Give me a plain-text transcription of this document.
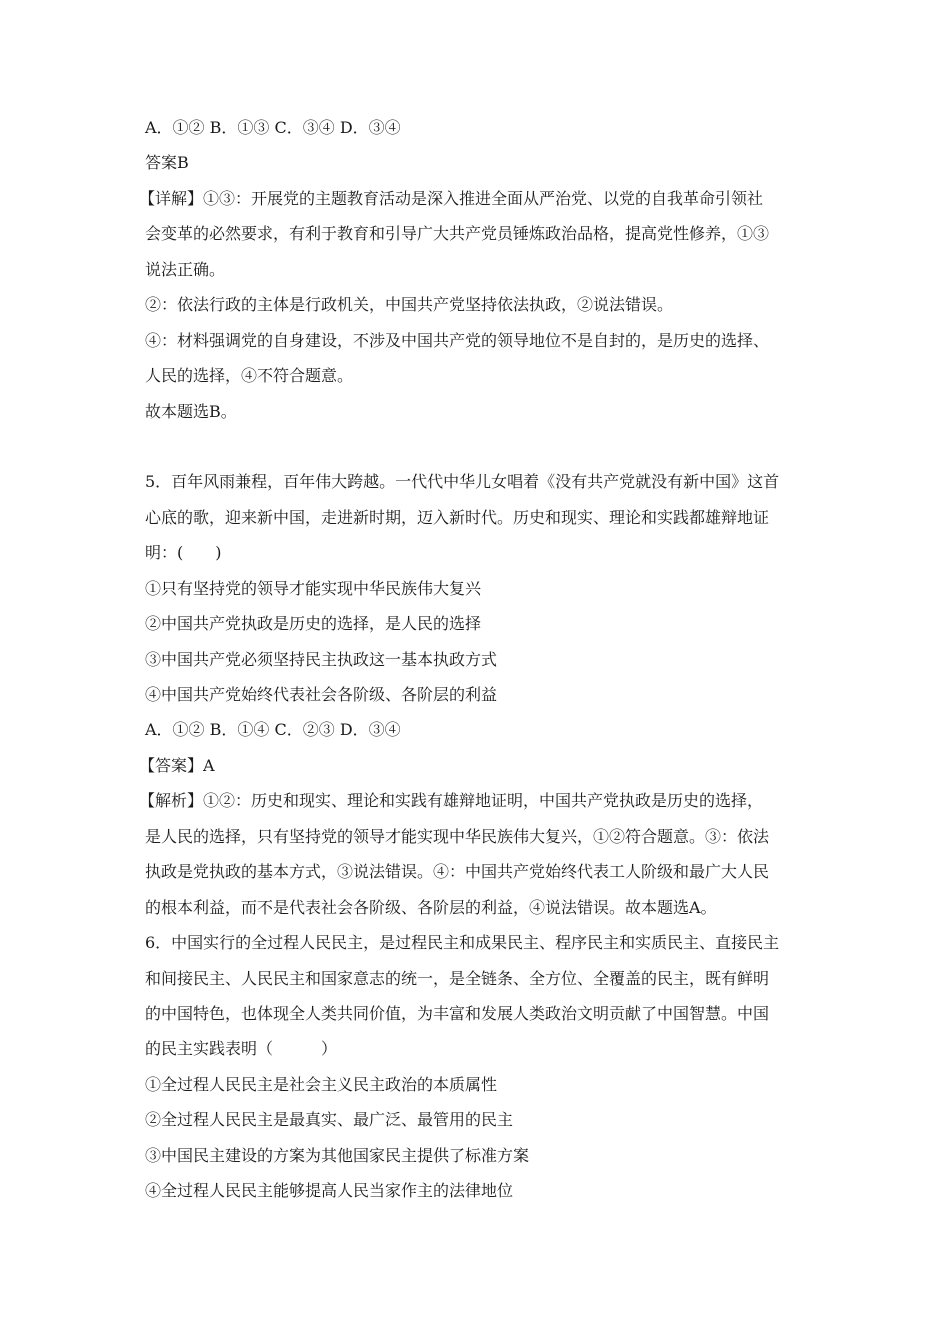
A．①② B．①③ C．③④ D．③④
答案B
【详解】①③：开展党的主题教育活动是深入推进全面从严治党、以党的自我革命引领社
会变革的必然要求，有利于教育和引导广大共产党员锤炼政治品格，提高党性修养，①③
说法正确。
②：依法行政的主体是行政机关，中国共产党坚持依法执政，②说法错误。
④：材料强调党的自身建设，不涉及中国共产党的领导地位不是自封的，是历史的选择、
人民的选择，④不符合题意。
故本题选B。
5．百年风雨兼程，百年伟大跨越。一代代中华儿女唱着《没有共产党就没有新中国》这首
心底的歌，迎来新中国，走进新时期，迈入新时代。历史和现实、理论和实践都雄辩地证
明：(　　)
①只有坚持党的领导才能实现中华民族伟大复兴
②中国共产党执政是历史的选择，是人民的选择
③中国共产党必须坚持民主执政这一基本执政方式
④中国共产党始终代表社会各阶级、各阶层的利益
A．①② B．①④ C．②③ D．③④
【答案】A
【解析】①②：历史和现实、理论和实践有雄辩地证明，中国共产党执政是历史的选择，
是人民的选择，只有坚持党的领导才能实现中华民族伟大复兴，①②符合题意。③：依法
执政是党执政的基本方式，③说法错误。④：中国共产党始终代表工人阶级和最广大人民
的根本利益，而不是代表社会各阶级、各阶层的利益，④说法错误。故本题选A。
6．中国实行的全过程人民民主，是过程民主和成果民主、程序民主和实质民主、直接民主
和间接民主、人民民主和国家意志的统一，是全链条、全方位、全覆盖的民主，既有鲜明
的中国特色，也体现全人类共同价值，为丰富和发展人类政治文明贡献了中国智慧。中国
的民主实践表明（　　　）
①全过程人民民主是社会主义民主政治的本质属性
②全过程人民民主是最真实、最广泛、最管用的民主
③中国民主建设的方案为其他国家民主提供了标准方案
④全过程人民民主能够提高人民当家作主的法律地位
